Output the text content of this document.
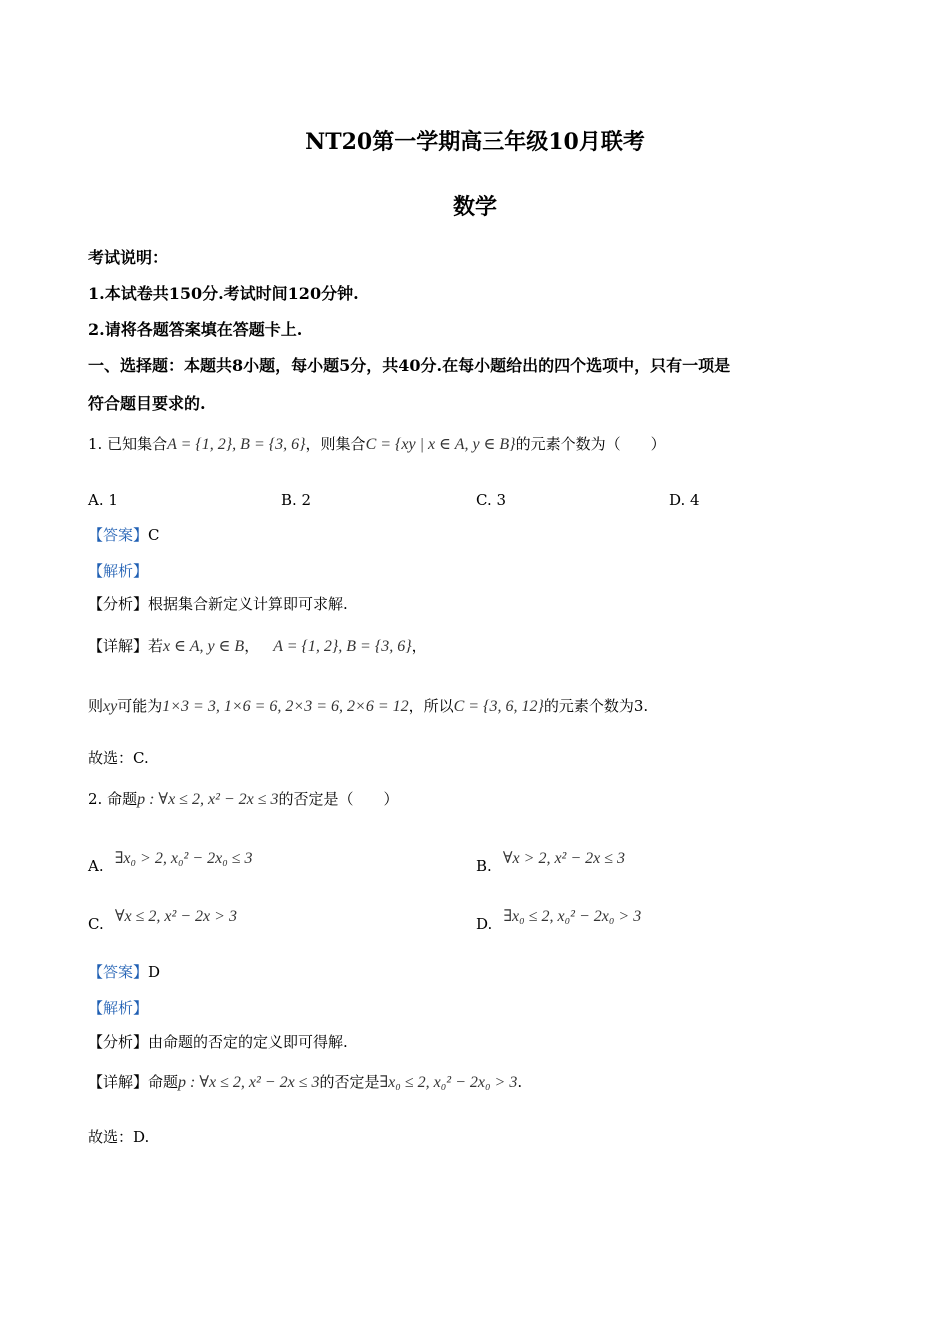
NT20第一学期高三年级10月联考
数学
考试说明：
1.本试卷共150分.考试时间120分钟.
2.请将各题答案填在答题卡上.
一、选择题：本题共8小题，每小题5分，共40分.在每小题给出的四个选项中，只有一项是
符合题目要求的.
1. 已知集合A = {1, 2}, B = {3, 6}，则集合C = {xy | x ∈ A, y ∈ B}的元素个数为（　　）
A. 1	B. 2	C. 3	D. 4
【答案】C
【解析】
【分析】根据集合新定义计算即可求解.
【详解】若x ∈ A, y ∈ B， A = {1, 2}, B = {3, 6}，
则xy可能为1×3 = 3, 1×6 = 6, 2×3 = 6, 2×6 = 12，所以C = {3, 6, 12}的元素个数为3.
故选：C.
2. 命题p : ∀x ≤ 2, x² − 2x ≤ 3的否定是（　　）
A. ∃x₀ > 2, x₀² − 2x₀ ≤ 3	B. ∀x > 2, x² − 2x ≤ 3
C. ∀x ≤ 2, x² − 2x > 3	D. ∃x₀ ≤ 2, x₀² − 2x₀ > 3
【答案】D
【解析】
【分析】由命题的否定的定义即可得解.
【详解】命题p : ∀x ≤ 2, x² − 2x ≤ 3的否定是∃x₀ ≤ 2, x₀² − 2x₀ > 3.
故选：D.
